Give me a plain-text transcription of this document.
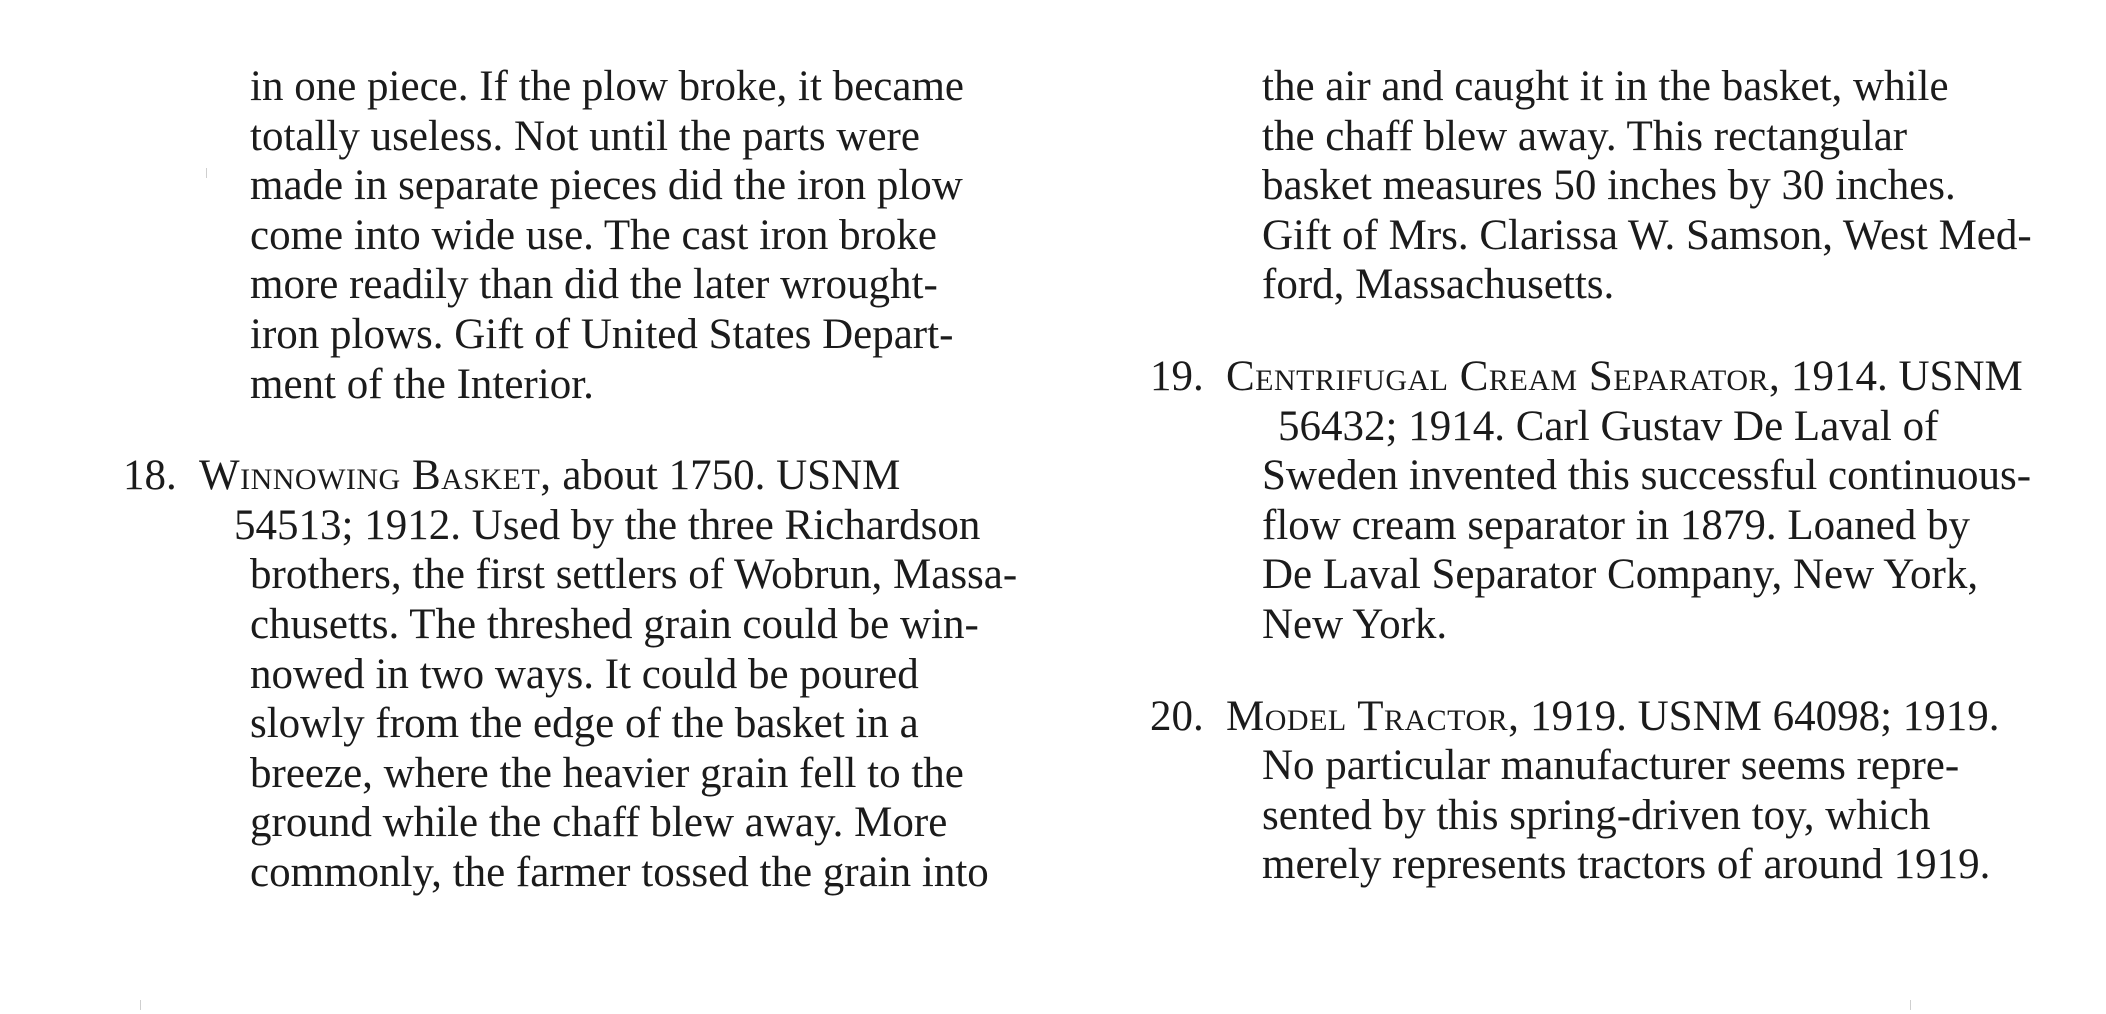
in one piece. If the plow broke, it became
totally useless. Not until the parts were
made in separate pieces did the iron plow
come into wide use. The cast iron broke
more readily than did the later wrought-
iron plows. Gift of United States Depart-
ment of the Interior.
18. Winnowing Basket, about 1750. USNM
54513; 1912. Used by the three Richardson
brothers, the first settlers of Wobrun, Massa-
chusetts. The threshed grain could be win-
nowed in two ways. It could be poured
slowly from the edge of the basket in a
breeze, where the heavier grain fell to the
ground while the chaff blew away. More
commonly, the farmer tossed the grain into
the air and caught it in the basket, while
the chaff blew away. This rectangular
basket measures 50 inches by 30 inches.
Gift of Mrs. Clarissa W. Samson, West Med-
ford, Massachusetts.
19. Centrifugal Cream Separator, 1914. USNM
56432; 1914. Carl Gustav De Laval of
Sweden invented this successful continuous-
flow cream separator in 1879. Loaned by
De Laval Separator Company, New York,
New York.
20. Model Tractor, 1919. USNM 64098; 1919.
No particular manufacturer seems repre-
sented by this spring-driven toy, which
merely represents tractors of around 1919.
